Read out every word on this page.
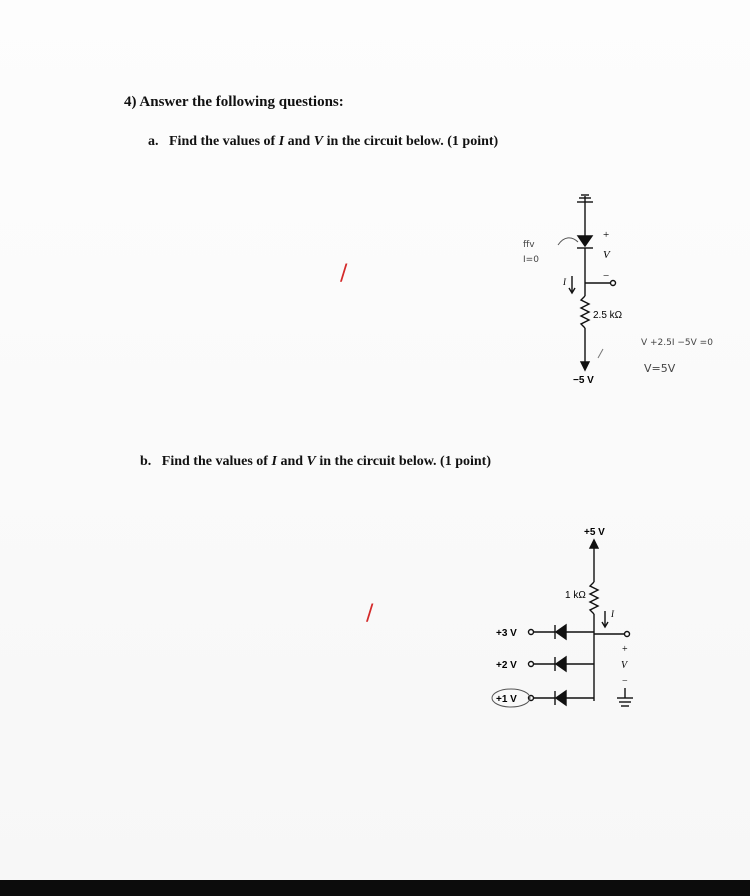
4) Answer the following questions:
a. Find the values of I and V in the circuit below. (1 point)
b. Find the values of I and V in the circuit below. (1 point)
+
V
−
I
2.5 kΩ
−5 V
ffv
I=0
V +2.5I −5V =0
V=5V
/
+5 V
1 kΩ
I
+3 V
+2 V
+1 V
+
V
−
/
